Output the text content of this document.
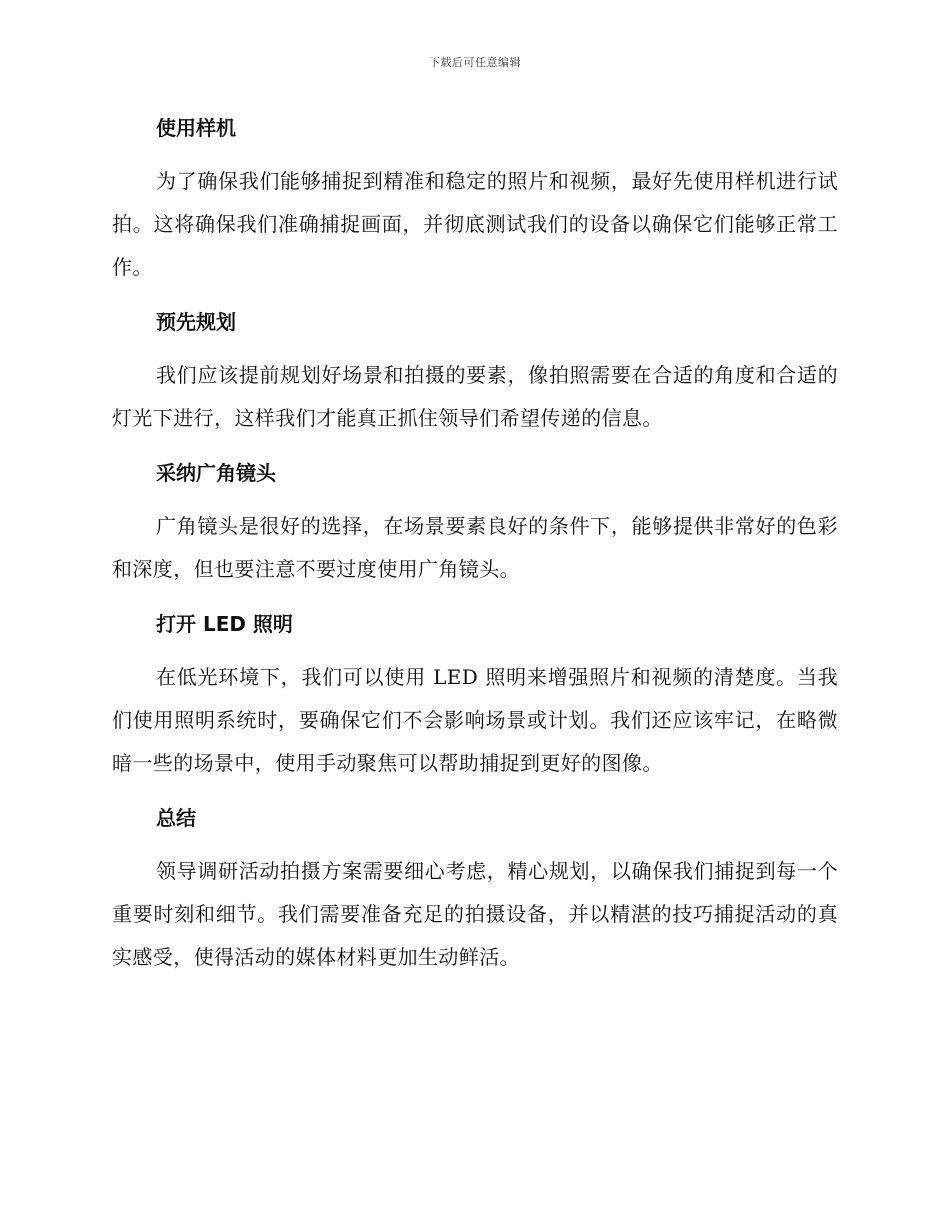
下载后可任意编辑
使用样机

为了确保我们能够捕捉到精准和稳定的照片和视频，最好先使用样机进行试拍。这将确保我们准确捕捉画面，并彻底测试我们的设备以确保它们能够正常工作。

预先规划

我们应该提前规划好场景和拍摄的要素，像拍照需要在合适的角度和合适的灯光下进行，这样我们才能真正抓住领导们希望传递的信息。

采纳广角镜头

广角镜头是很好的选择，在场景要素良好的条件下，能够提供非常好的色彩和深度，但也要注意不要过度使用广角镜头。

打开 LED 照明

在低光环境下，我们可以使用 LED 照明来增强照片和视频的清楚度。当我们使用照明系统时，要确保它们不会影响场景或计划。我们还应该牢记，在略微暗一些的场景中，使用手动聚焦可以帮助捕捉到更好的图像。

总结

领导调研活动拍摄方案需要细心考虑，精心规划，以确保我们捕捉到每一个重要时刻和细节。我们需要准备充足的拍摄设备，并以精湛的技巧捕捉活动的真实感受，使得活动的媒体材料更加生动鲜活。
